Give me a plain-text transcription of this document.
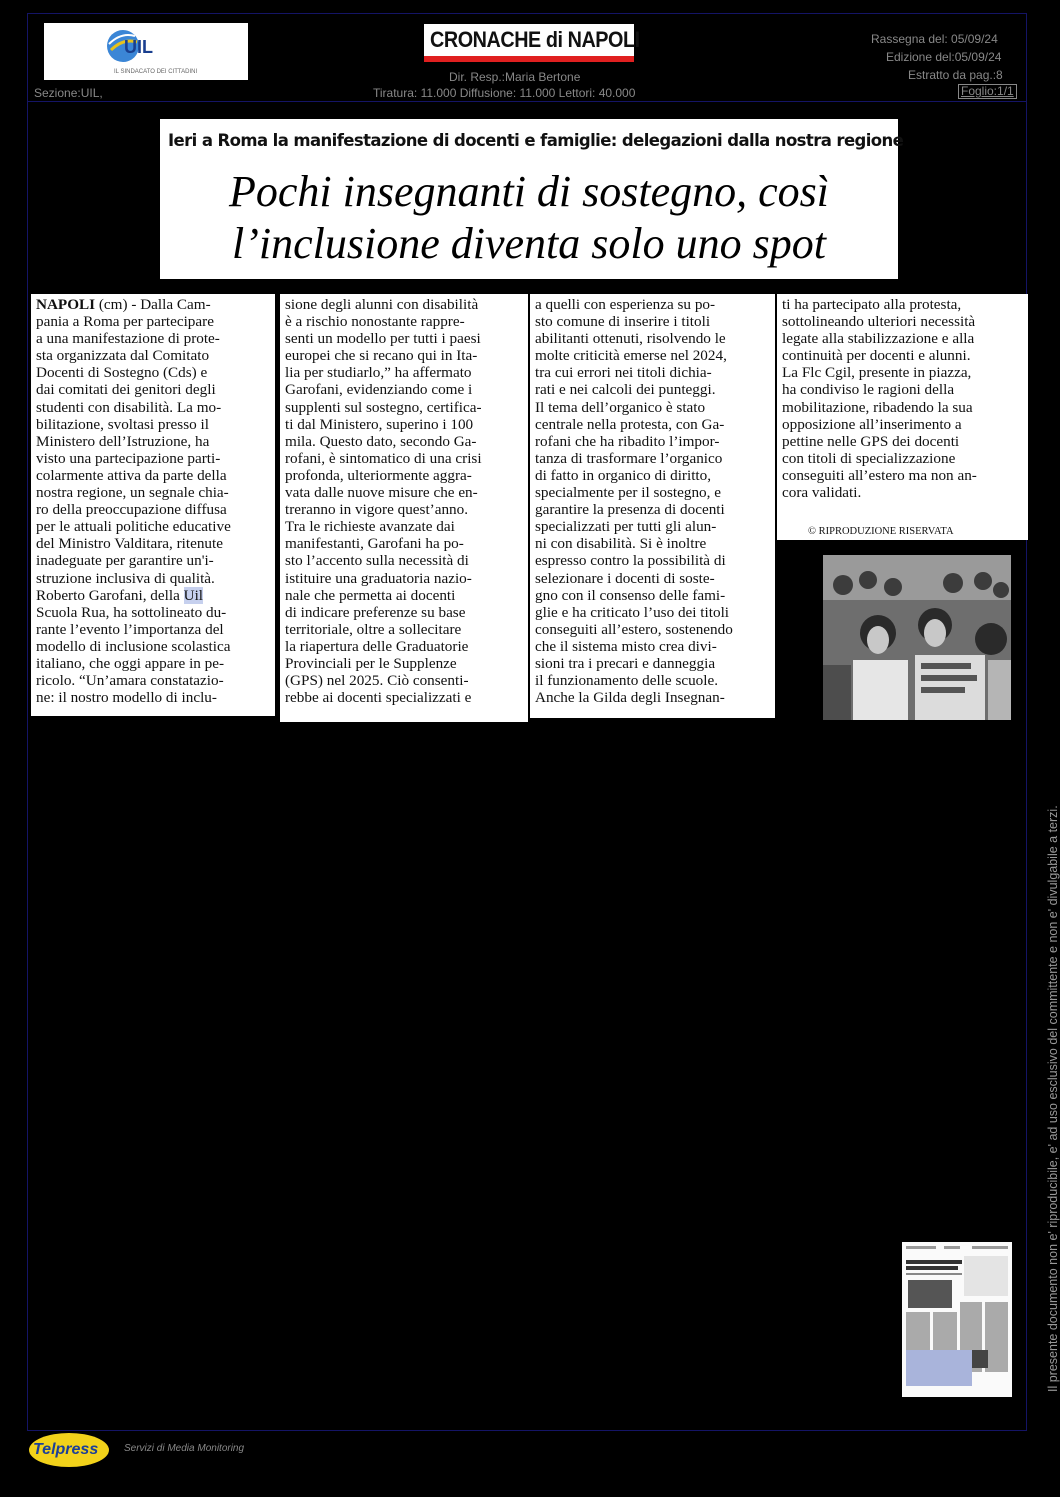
UIL
IL SINDACATO DEI CITTADINI
CRONACHE di NAPOLI
Dir. Resp.:Maria Bertone
Tiratura: 11.000 Diffusione: 11.000 Lettori: 40.000
Sezione:UIL,
Rassegna del: 05/09/24
Edizione del:05/09/24
Estratto da pag.:8
Foglio:1/1
Ieri a Roma la manifestazione di docenti e famiglie: delegazioni dalla nostra regione
Pochi insegnanti di sostegno, così
l’inclusione diventa solo uno spot
NAPOLI (cm) - Dalla Cam-
pania a Roma per partecipare
a una manifestazione di prote-
sta organizzata dal Comitato
Docenti di Sostegno (Cds) e
dai comitati dei genitori degli
studenti con disabilità. La mo-
bilitazione, svoltasi presso il
Ministero dell’Istruzione, ha
visto una partecipazione parti-
colarmente attiva da parte della
nostra regione, un segnale chia-
ro della preoccupazione diffusa
per le attuali politiche educative
del Ministro Valditara, ritenute
inadeguate per garantire un'i-
struzione inclusiva di qualità.
Roberto Garofani, della Uil
Scuola Rua, ha sottolineato du-
rante l’evento l’importanza del
modello di inclusione scolastica
italiano, che oggi appare in pe-
ricolo. “Un’amara constatazio-
ne: il nostro modello di inclu-
sione degli alunni con disabilità
è a rischio nonostante rappre-
senti un modello per tutti i paesi
europei che si recano qui in Ita-
lia per studiarlo,” ha affermato
Garofani, evidenziando come i
supplenti sul sostegno, certifica-
ti dal Ministero, superino i 100
mila. Questo dato, secondo Ga-
rofani, è sintomatico di una crisi
profonda, ulteriormente aggra-
vata dalle nuove misure che en-
treranno in vigore quest’anno.
Tra le richieste avanzate dai
manifestanti, Garofani ha po-
sto l’accento sulla necessità di
istituire una graduatoria nazio-
nale che permetta ai docenti
di indicare preferenze su base
territoriale, oltre a sollecitare
la riapertura delle Graduatorie
Provinciali per le Supplenze
(GPS) nel 2025. Ciò consenti-
rebbe ai docenti specializzati e
a quelli con esperienza su po-
sto comune di inserire i titoli
abilitanti ottenuti, risolvendo le
molte criticità emerse nel 2024,
tra cui errori nei titoli dichia-
rati e nei calcoli dei punteggi.
Il tema dell’organico è stato
centrale nella protesta, con Ga-
rofani che ha ribadito l’impor-
tanza di trasformare l’organico
di fatto in organico di diritto,
specialmente per il sostegno, e
garantire la presenza di docenti
specializzati per tutti gli alun-
ni con disabilità. Si è inoltre
espresso contro la possibilità di
selezionare i docenti di soste-
gno con il consenso delle fami-
glie e ha criticato l’uso dei titoli
conseguiti all’estero, sostenendo
che il sistema misto crea divi-
sioni tra i precari e danneggia
il funzionamento delle scuole.
Anche la Gilda degli Insegnan-
ti ha partecipato alla protesta,
sottolineando ulteriori necessità
legate alla stabilizzazione e alla
continuità per docenti e alunni.
La Flc Cgil, presente in piazza,
ha condiviso le ragioni della
mobilitazione, ribadendo la sua
opposizione all’inserimento a
pettine nelle GPS dei docenti
con titoli di specializzazione
conseguiti all’estero ma non an-
cora validati.
© RIPRODUZIONE RISERVATA
Il presente documento non e' riproducibile, e' ad uso esclusivo del committente e non e' divulgabile a terzi.
Telpress	Servizi di Media Monitoring
